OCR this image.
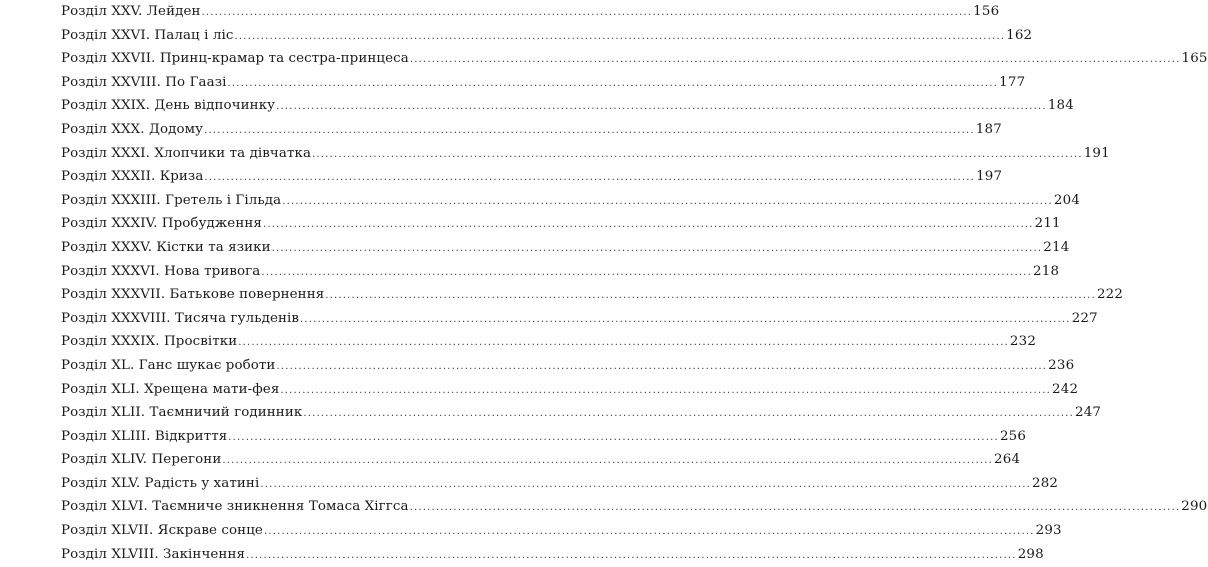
Розділ XXV. Лейден .....	156
Розділ XXVI. Палац і ліс .....	162
Розділ XXVII. Принц-крамар та сестра-принцеса .....	165
Розділ XXVIII. По Гаазі .....	177
Розділ XXIX. День відпочинку .....	184
Розділ XXX. Додому .....	187
Розділ XXXI. Хлопчики та дівчатка .....	191
Розділ XXXII. Криза .....	197
Розділ XXXIII. Гретель і Гільда .....	204
Розділ XXXIV. Пробудження .....	211
Розділ XXXV. Кістки та язики .....	214
Розділ XXXVI. Нова тривога .....	218
Розділ XXXVII. Батькове повернення .....	222
Розділ XXXVIII. Тисяча гульденів .....	227
Розділ XXXIX. Просвітки .....	232
Розділ XL. Ганс шукає роботи .....	236
Розділ XLI. Хрещена мати-фея .....	242
Розділ XLII. Таємничий годинник .....	247
Розділ XLIII. Відкриття .....	256
Розділ XLIV. Перегони .....	264
Розділ XLV. Радість у хатині .....	282
Розділ XLVI. Таємниче зникнення Томаса Хіггса .....	290
Розділ XLVII. Яскраве сонце .....	293
Розділ XLVIII. Закінчення .....	298
